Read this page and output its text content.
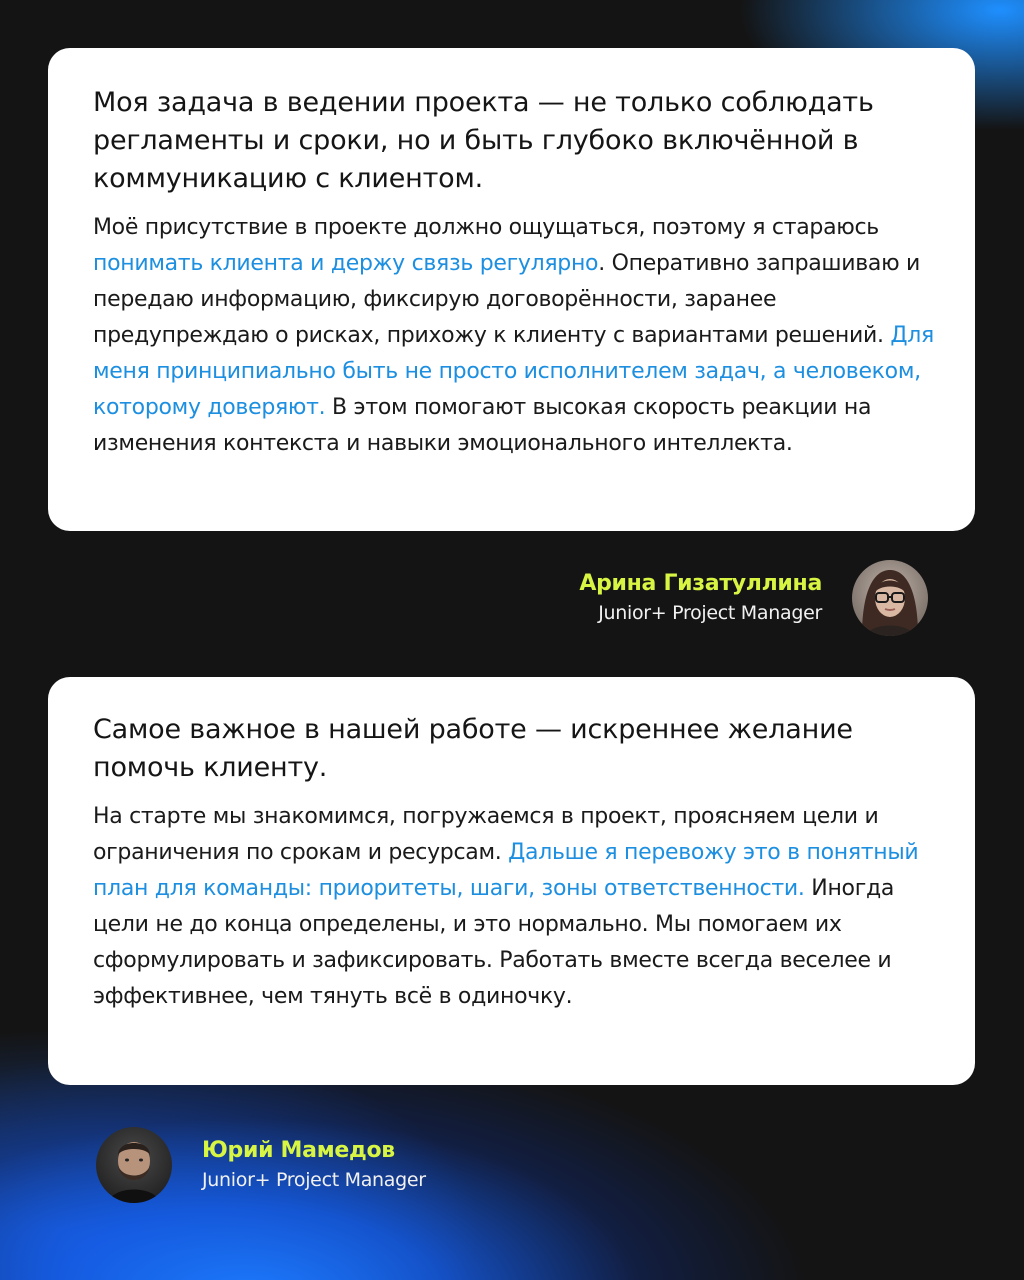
Моя задача в ведении проекта — не только соблюдать регламенты и сроки, но и быть глубоко включённой в коммуникацию с клиентом.

Моё присутствие в проекте должно ощущаться, поэтому я стараюсь понимать клиента и держу связь регулярно. Оперативно запрашиваю и передаю информацию, фиксирую договорённости, заранее предупреждаю о рисках, прихожу к клиенту с вариантами решений. Для меня принципиально быть не просто исполнителем задач, а человеком, которому доверяют. В этом помогают высокая скорость реакции на изменения контекста и навыки эмоционального интеллекта.

Арина Гизатуллина
Junior+ Project Manager
Самое важное в нашей работе — искреннее желание помочь клиенту.

На старте мы знакомимся, погружаемся в проект, проясняем цели и ограничения по срокам и ресурсам. Дальше я перевожу это в понятный план для команды: приоритеты, шаги, зоны ответственности. Иногда цели не до конца определены, и это нормально. Мы помогаем их сформулировать и зафиксировать. Работать вместе всегда веселее и эффективнее, чем тянуть всё в одиночку.

Юрий Мамедов
Junior+ Project Manager
